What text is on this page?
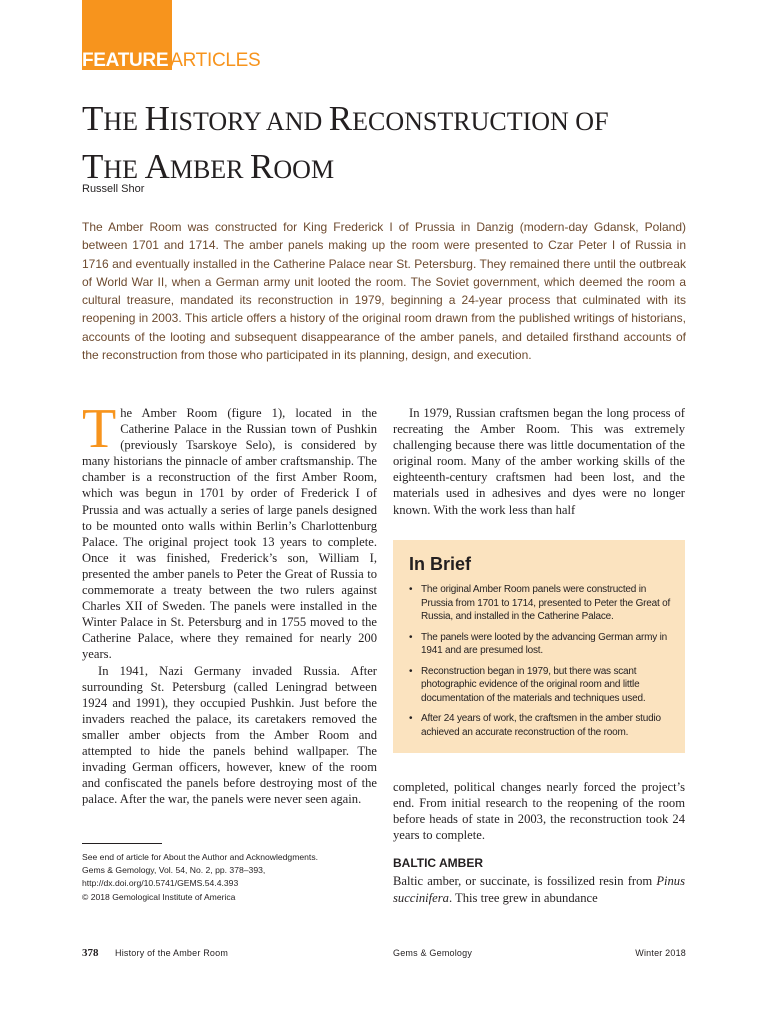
FEATURE ARTICLES
THE HISTORY AND RECONSTRUCTION OF
THE AMBER ROOM
Russell Shor

The Amber Room was constructed for King Frederick I of Prussia in Danzig (modern-day Gdansk, Poland) between 1701 and 1714. The amber panels making up the room were presented to Czar Peter I of Russia in 1716 and eventually installed in the Catherine Palace near St. Petersburg. They remained there until the outbreak of World War II, when a German army unit looted the room. The Soviet government, which deemed the room a cultural treasure, mandated its reconstruction in 1979, beginning a 24-year process that culminated with its reopening in 2003. This article offers a history of the original room drawn from the published writings of historians, accounts of the looting and subsequent disappearance of the amber panels, and detailed firsthand accounts of the reconstruction from those who participated in its planning, design, and execution.

The Amber Room (figure 1), located in the Catherine Palace in the Russian town of Pushkin (previously Tsarskoye Selo), is considered by many historians the pinnacle of amber craftsmanship. The chamber is a reconstruction of the first Amber Room, which was begun in 1701 by order of Frederick I of Prussia and was actually a series of large panels designed to be mounted onto walls within Berlin’s Charlottenburg Palace. The original project took 13 years to complete. Once it was finished, Frederick’s son, William I, presented the amber panels to Peter the Great of Russia to commemorate a treaty between the two rulers against Charles XII of Sweden. The panels were installed in the Winter Palace in St. Petersburg and in 1755 moved to the Catherine Palace, where they remained for nearly 200 years.

In 1941, Nazi Germany invaded Russia. After surrounding St. Petersburg (called Leningrad between 1924 and 1991), they occupied Pushkin. Just before the invaders reached the palace, its caretakers removed the smaller amber objects from the Amber Room and attempted to hide the panels behind wallpaper. The invading German officers, however, knew of the room and confiscated the panels before destroying most of the palace. After the war, the panels were never seen again.

In 1979, Russian craftsmen began the long process of recreating the Amber Room. This was extremely challenging because there was little documentation of the original room. Many of the amber working skills of the eighteenth-century craftsmen had been lost, and the materials used in adhesives and dyes were no longer known. With the work less than half

In Brief
• The original Amber Room panels were constructed in Prussia from 1701 to 1714, presented to Peter the Great of Russia, and installed in the Catherine Palace.
• The panels were looted by the advancing German army in 1941 and are presumed lost.
• Reconstruction began in 1979, but there was scant photographic evidence of the original room and little documentation of the materials and techniques used.
• After 24 years of work, the craftsmen in the amber studio achieved an accurate reconstruction of the room.

completed, political changes nearly forced the project’s end. From initial research to the reopening of the room before heads of state in 2003, the reconstruction took 24 years to complete.

BALTIC AMBER

Baltic amber, or succinate, is fossilized resin from Pinus succinifera. This tree grew in abundance

See end of article for About the Author and Acknowledgments.
Gems & Gemology, Vol. 54, No. 2, pp. 378–393,
http://dx.doi.org/10.5741/GEMS.54.4.393
© 2018 Gemological Institute of America
378 History of the Amber Room	Gems & Gemology	Winter 2018
